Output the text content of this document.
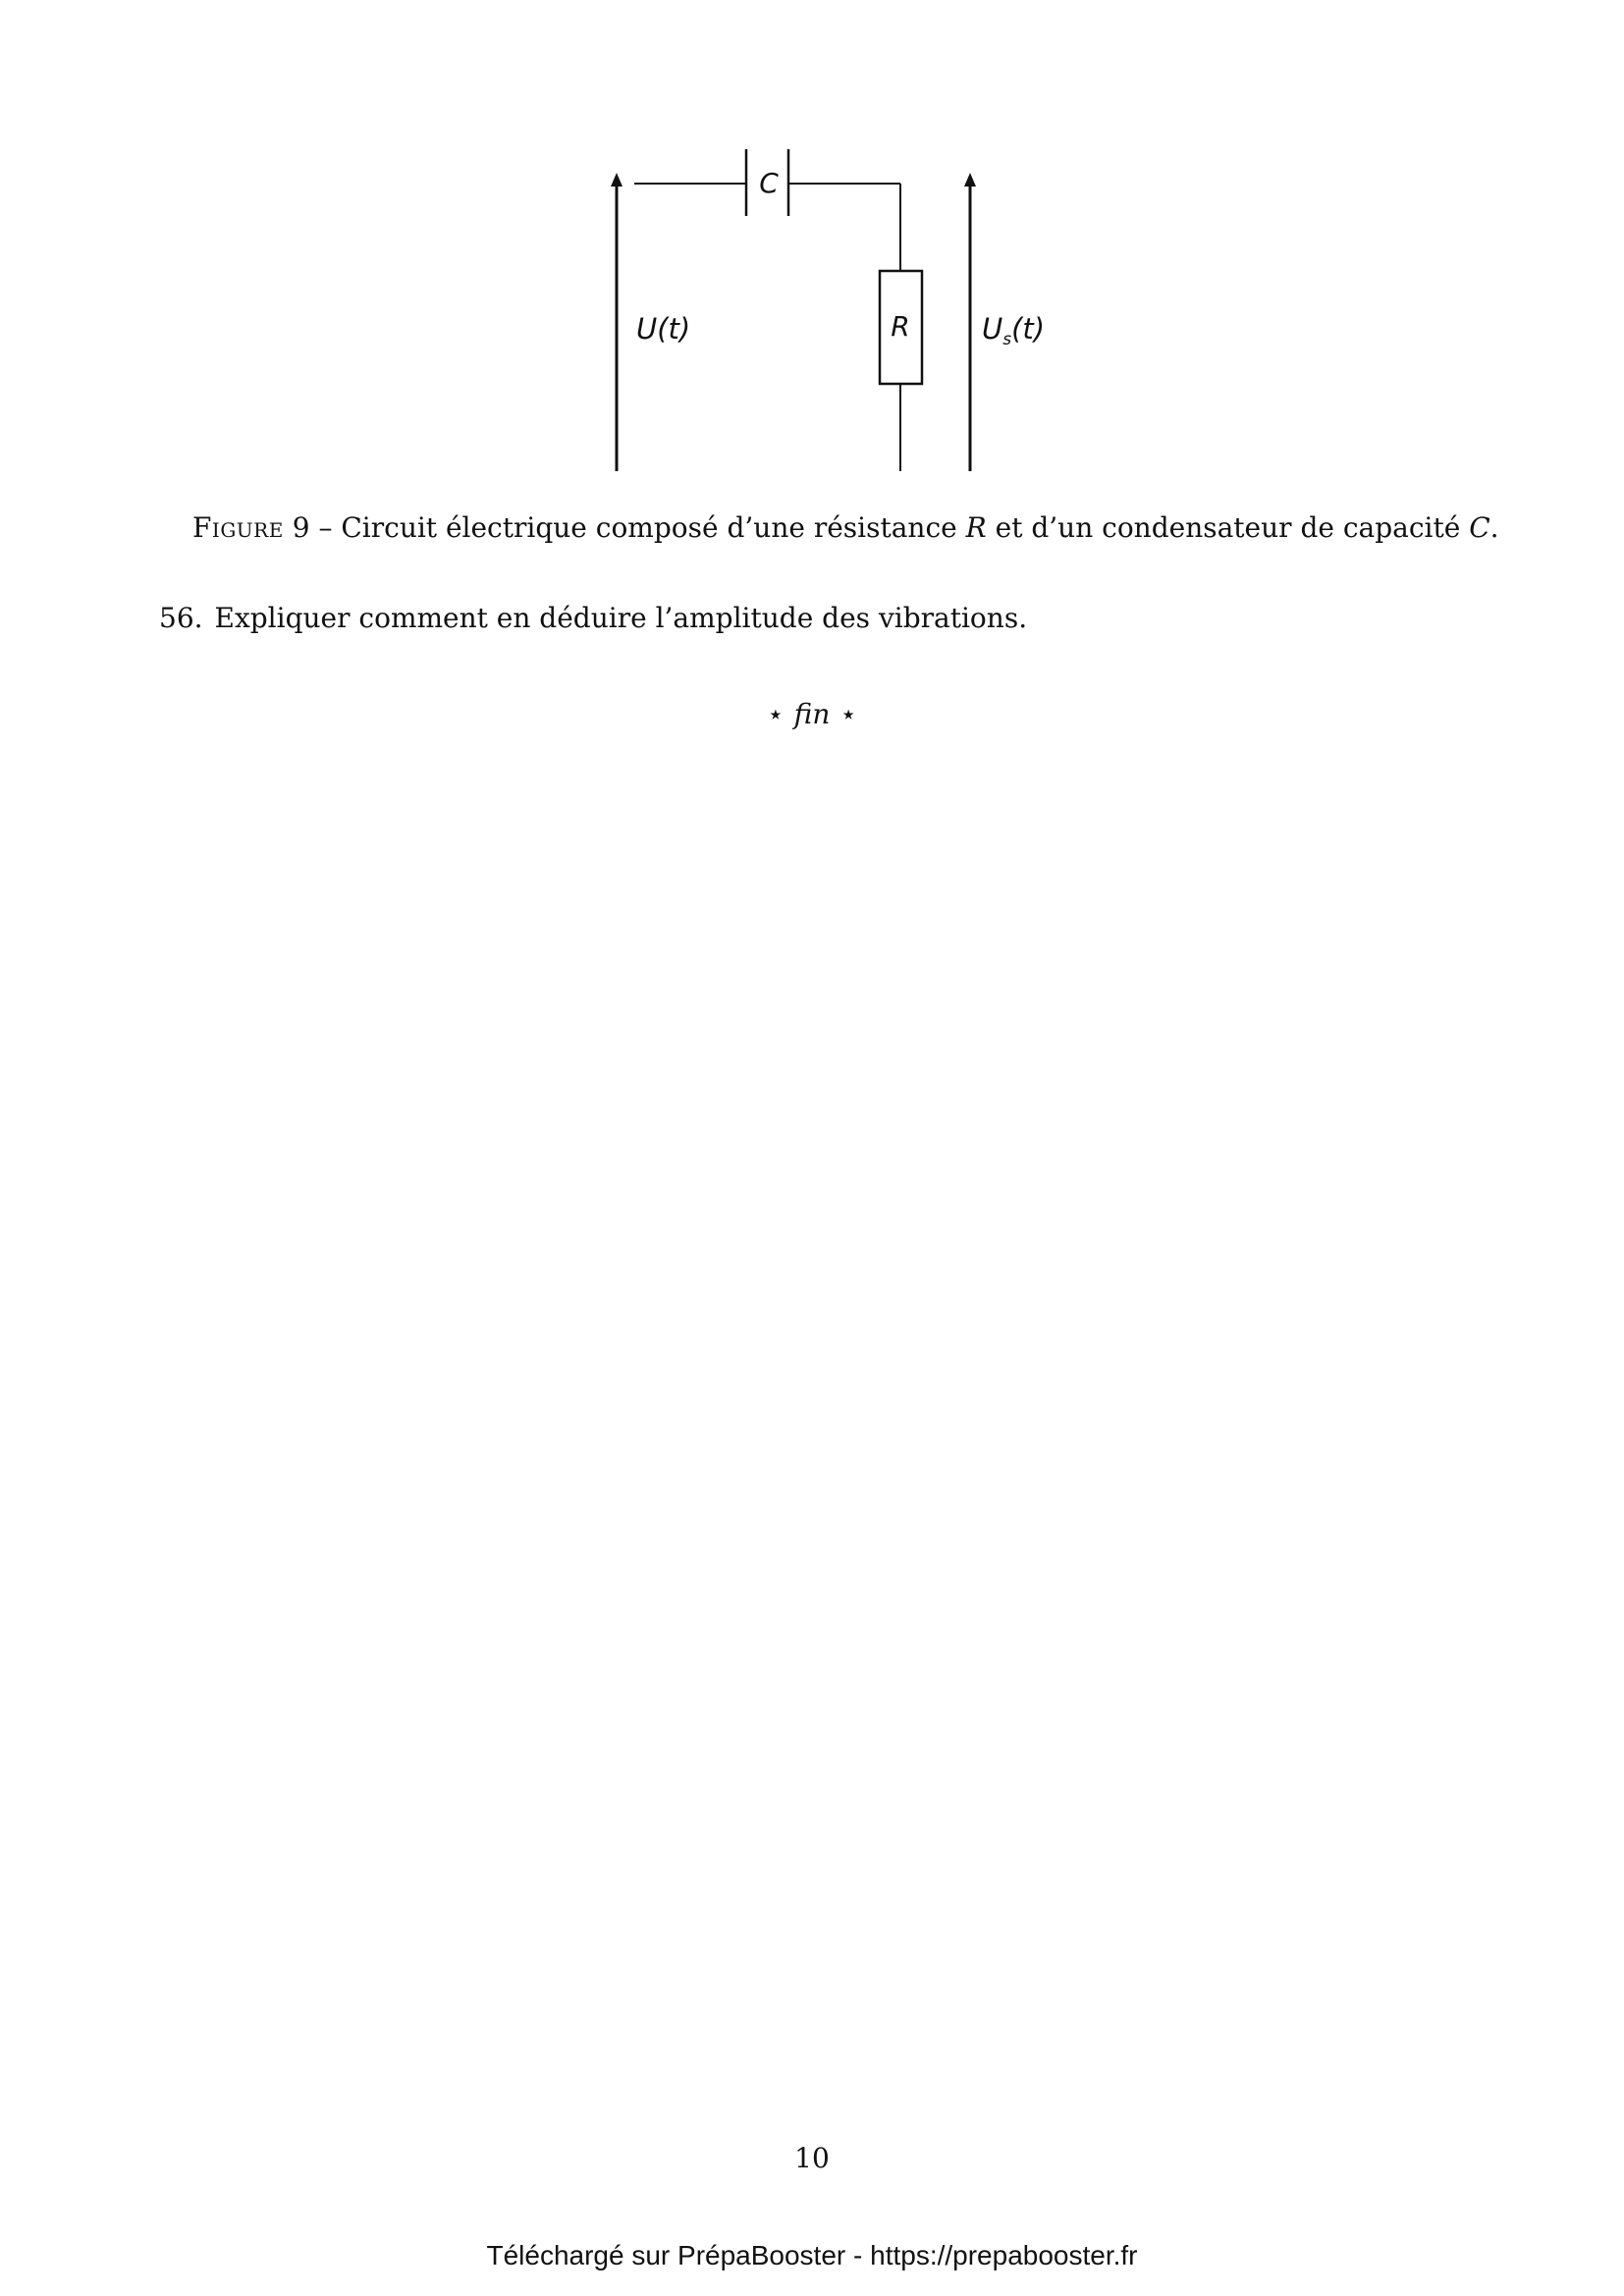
C
R
U(t)	$U_s(t)$
Figure 9 – Circuit électrique composé d’une résistance R et d’un condensateur de capacité C.
56. Expliquer comment en déduire l’amplitude des vibrations.
⋆ fin ⋆
10
Téléchargé sur PrépaBooster - https://prepabooster.fr
